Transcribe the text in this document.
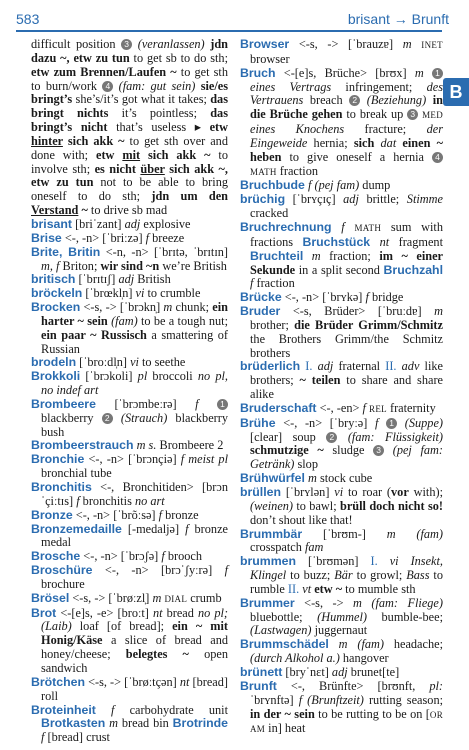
583	brisant → Brunft
B
difficult position 3 (veranlassen) jdn dazu ~, etw zu tun to get sb to do sth; etw zum Brennen/Laufen ~ to get sth to burn/work 4 (fam: gut sein) sie/es bringt’s she’s/it’s got what it takes; das bringt nichts it’s pointless; das bringt’s nicht that’s useless ▸ etw hinter sich akk ~ to get sth over and done with; etw mit sich akk ~ to involve sth; es nicht über sich akk ~, etw zu tun not to be able to bring oneself to do sth; jdn um den Verstand ~ to drive sb mad
brisant [briˈzant] adj explosive
Brise <-, -n> [ˈbriːzə] f breeze
Brite, Britin <-n, -n> [ˈbrɪtə, ˈbrɪtɪn] m, f Briton; wir sind ~n we’re British
britisch [ˈbrɪtɪʃ] adj British
bröckeln [ˈbrœkl̩n] vi to crumble
Brocken <-s, -> [ˈbrɔkn̩] m chunk; ein harter ~ sein (fam) to be a tough nut; ein paar ~ Russisch a smattering of Russian
brodeln [ˈbroːdl̩n] vi to seethe
Brokkoli [ˈbrɔkoli] pl broccoli no pl, no indef art
Brombeere [ˈbrɔmbeːrə] f	1 blackberry 2 (Strauch) blackberry bush
Brombeerstrauch m s. Brombeere 2
Bronchie <-, -n> [ˈbrɔnçiə] f meist pl bronchial tube
Bronchitis <-, Bronchitiden> [brɔnˈçiːtɪs] f bronchitis no art
Bronze <-, -n> [ˈbrõːsə] f bronze
Bronzemedaille [-medaljə] f bronze medal
Brosche <-, -n> [ˈbrɔʃə] f brooch
Broschüre <-, -n> [brɔˈʃyːrə] f brochure
Brösel <-s, -> [ˈbrøːzl̩] m DIAL crumb
Brot <-[e]s, -e> [broːt] nt bread no pl; (Laib) loaf [of bread]; ein ~ mit Honig/Käse a slice of bread and honey/cheese; belegtes ~ open sandwich
Brötchen <-s, -> [ˈbrøːtçən] nt [bread] roll
Broteinheit f carbohydrate unit Brotkasten m bread bin Brotrinde f [bread] crust
Browser <-s, -> [ˈbrauzɐ] m INET browser
Bruch <-[e]s, Brüche> [brʊx] m 1 eines Vertrags infringement; des Vertrauens breach 2 (Beziehung) in die Brüche gehen to break up 3 MED eines Knochens fracture; der Eingeweide hernia; sich dat einen ~ heben to give oneself a hernia 4 MATH fraction
Bruchbude f (pej fam) dump
brüchig [ˈbrʏçɪç] adj brittle; Stimme cracked
Bruchrechnung f MATH sum with fractions Bruchstück nt fragment Bruchteil m fraction; im ~ einer Sekunde in a split second Bruchzahl f fraction
Brücke <-, -n> [ˈbrʏkə] f bridge
Bruder <-s, Brüder> [ˈbruːdɐ] m brother; die Brüder Grimm/Schmitz the Brothers Grimm/the Schmitz brothers
brüderlich I. adj fraternal II. adv like brothers; ~ teilen to share and share alike
Bruderschaft <-, -en> f REL fraternity
Brühe <-, -n> [ˈbryːə] f 1 (Suppe) [clear] soup 2 (fam: Flüssigkeit) schmutzige ~ sludge 3 (pej fam: Getränk) slop
Brühwürfel m stock cube
brüllen [ˈbrʏlən] vi to roar (vor with); (weinen) to bawl; brüll doch nicht so! don’t shout like that!
Brummbär [ˈbrʊm-] m (fam) crosspatch fam
brummen [ˈbrʊmən] I. vi Insekt, Klingel to buzz; Bär to growl; Bass to rumble II. vt etw ~ to mumble sth
Brummer <-s, -> m (fam: Fliege) bluebottle; (Hummel) bumble-bee; (Lastwagen) juggernaut
Brummschädel m (fam) headache; (durch Alkohol a.) hangover
brünett [bryˈnɛt] adj brunet[te]
Brunft <-, Brünfte> [brʊnft, pl: ˈbrʏnftə] f (Brunftzeit) rutting season; in der ~ sein to be rutting to be on [OR AM in] heat
